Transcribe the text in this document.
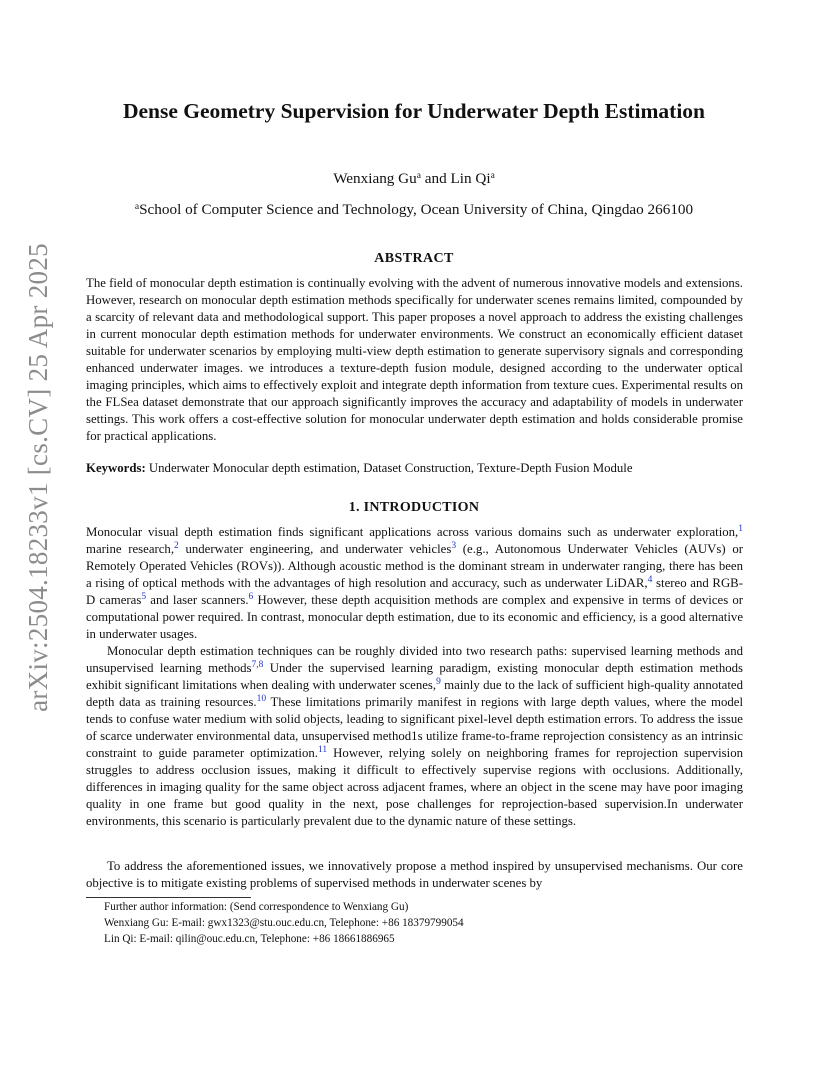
arXiv:2504.18233v1 [cs.CV] 25 Apr 2025
Dense Geometry Supervision for Underwater Depth Estimation
Wenxiang Gu$^a$ and Lin Qi$^a$
$^a$School of Computer Science and Technology, Ocean University of China, Qingdao 266100
ABSTRACT
The field of monocular depth estimation is continually evolving with the advent of numerous innovative models and extensions. However, research on monocular depth estimation methods specifically for underwater scenes remains limited, compounded by a scarcity of relevant data and methodological support. This paper proposes a novel approach to address the existing challenges in current monocular depth estimation methods for underwater environments. We construct an economically efficient dataset suitable for underwater scenarios by employing multi-view depth estimation to generate supervisory signals and corresponding enhanced underwater images. we introduces a texture-depth fusion module, designed according to the underwater optical imaging principles, which aims to effectively exploit and integrate depth information from texture cues. Experimental results on the FLSea dataset demonstrate that our approach significantly improves the accuracy and adaptability of models in underwater settings. This work offers a cost-effective solution for monocular underwater depth estimation and holds considerable promise for practical applications.
Keywords: Underwater Monocular depth estimation, Dataset Construction, Texture-Depth Fusion Module
1. INTRODUCTION
Monocular visual depth estimation finds significant applications across various domains such as underwater exploration,$^1$ marine research,$^2$ underwater engineering, and underwater vehicles$^3$ (e.g., Autonomous Underwater Vehicles (AUVs) or Remotely Operated Vehicles (ROVs)). Although acoustic method is the dominant stream in underwater ranging, there has been a rising of optical methods with the advantages of high resolution and accuracy, such as underwater LiDAR,$^4$ stereo and RGB-D cameras$^5$ and laser scanners.$^6$ However, these depth acquisition methods are complex and expensive in terms of devices or computational power required. In contrast, monocular depth estimation, due to its economic and efficiency, is a good alternative in underwater usages.
Monocular depth estimation techniques can be roughly divided into two research paths: supervised learning methods and unsupervised learning methods$^{7,8}$ Under the supervised learning paradigm, existing monocular depth estimation methods exhibit significant limitations when dealing with underwater scenes,$^9$ mainly due to the lack of sufficient high-quality annotated depth data as training resources.$^{10}$ These limitations primarily manifest in regions with large depth values, where the model tends to confuse water medium with solid objects, leading to significant pixel-level depth estimation errors. To address the issue of scarce underwater environmental data, unsupervised method1s utilize frame-to-frame reprojection consistency as an intrinsic constraint to guide parameter optimization.$^{11}$ However, relying solely on neighboring frames for reprojection supervision struggles to address occlusion issues, making it difficult to effectively supervise regions with occlusions. Additionally, differences in imaging quality for the same object across adjacent frames, where an object in the scene may have poor imaging quality in one frame but good quality in the next, pose challenges for reprojection-based supervision.In underwater environments, this scenario is particularly prevalent due to the dynamic nature of these settings.
To address the aforementioned issues, we innovatively propose a method inspired by unsupervised mechanisms. Our core objective is to mitigate existing problems of supervised methods in underwater scenes by
Further author information: (Send correspondence to Wenxiang Gu)
Wenxiang Gu: E-mail: gwx1323@stu.ouc.edu.cn, Telephone: +86 18379799054
Lin Qi: E-mail: qilin@ouc.edu.cn, Telephone: +86 18661886965
